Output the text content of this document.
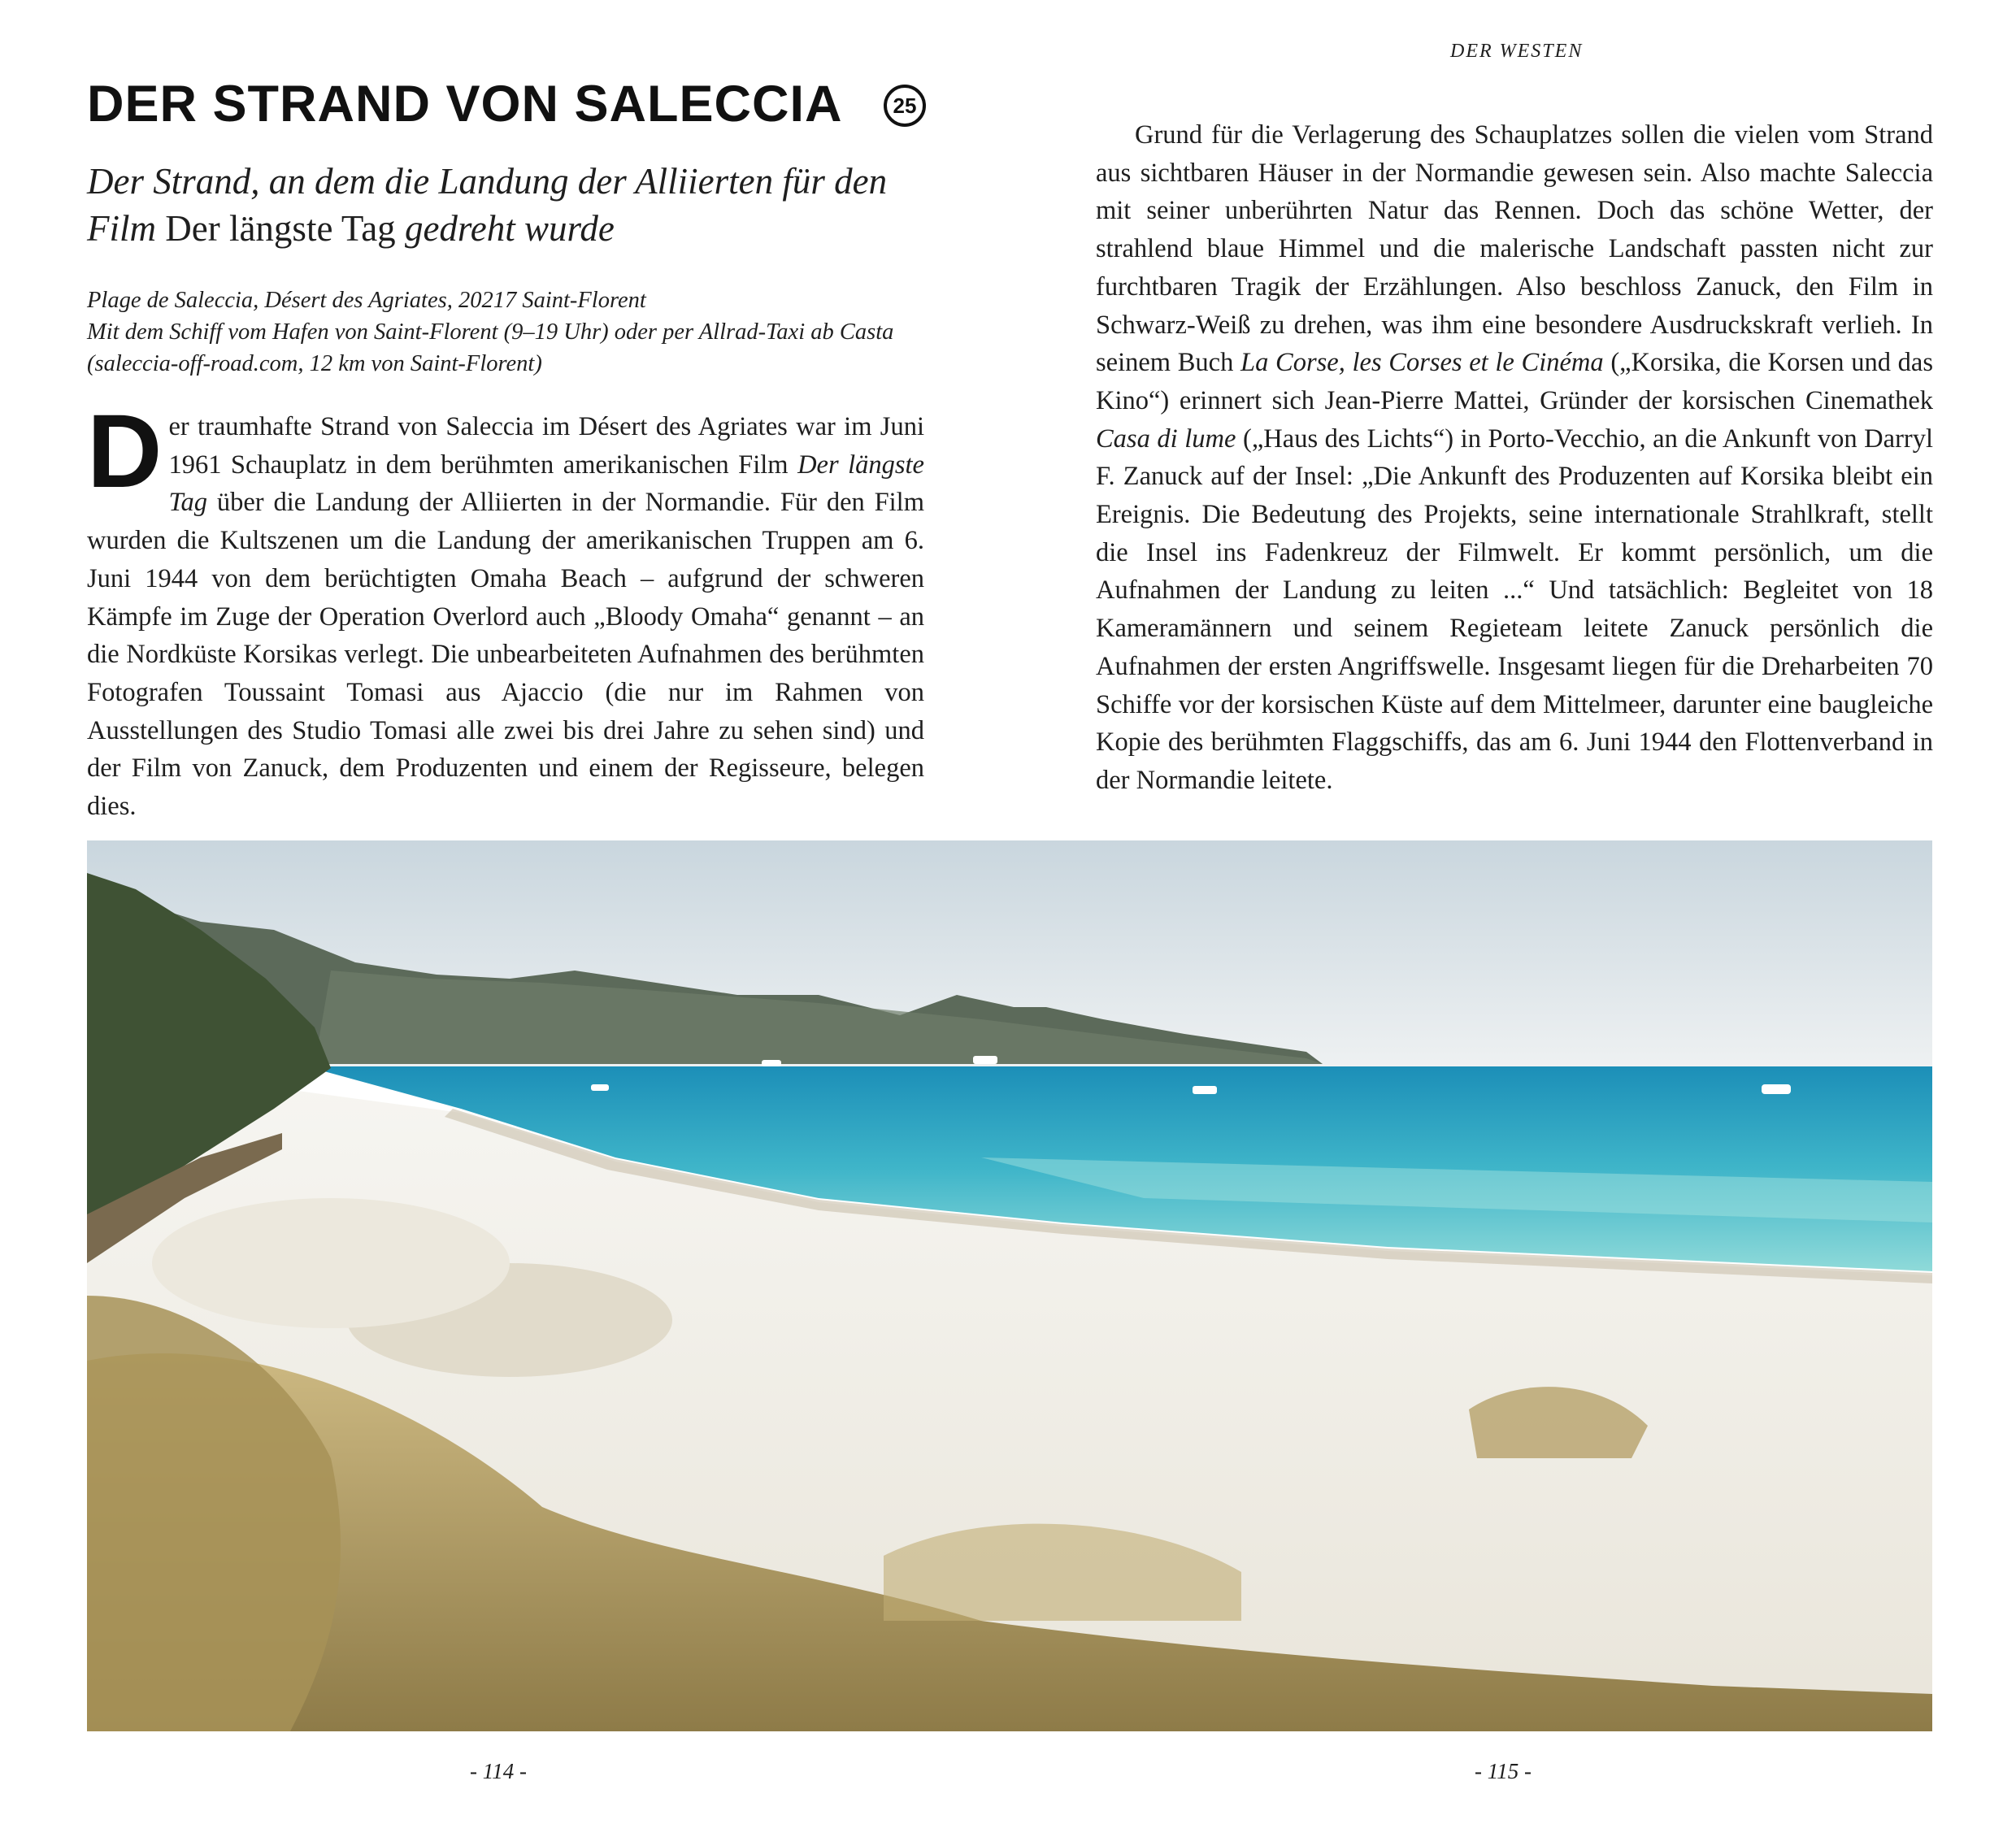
DER WESTEN
DER STRAND VON SALECCIA	25
Der Strand, an dem die Landung der Alliierten für den Film Der längste Tag gedreht wurde
Plage de Saleccia, Désert des Agriates, 20217 Saint-Florent
Mit dem Schiff vom Hafen von Saint-Florent (9–19 Uhr) oder per Allrad-Taxi ab Casta (saleccia-off-road.com, 12 km von Saint-Florent)

Der traumhafte Strand von Saleccia im Désert des Agriates war im Juni 1961 Schauplatz in dem berühmten amerikanischen Film Der längste Tag über die Landung der Alliierten in der Normandie. Für den Film wurden die Kultszenen um die Landung der amerikanischen Truppen am 6. Juni 1944 von dem berüchtigten Omaha Beach – aufgrund der schweren Kämpfe im Zuge der Operation Overlord auch „Bloody Omaha“ genannt – an die Nordküste Korsikas verlegt. Die unbearbeiteten Aufnahmen des berühmten Fotografen Toussaint Tomasi aus Ajaccio (die nur im Rahmen von Ausstellungen des Studio Tomasi alle zwei bis drei Jahre zu sehen sind) und der Film von Zanuck, dem Produzenten und einem der Regisseure, belegen dies.

Grund für die Verlagerung des Schauplatzes sollen die vielen vom Strand aus sichtbaren Häuser in der Normandie gewesen sein. Also machte Saleccia mit seiner unberührten Natur das Rennen. Doch das schöne Wetter, der strahlend blaue Himmel und die malerische Landschaft passten nicht zur furchtbaren Tragik der Erzählungen. Also beschloss Zanuck, den Film in Schwarz-Weiß zu drehen, was ihm eine besondere Ausdruckskraft verlieh. In seinem Buch La Corse, les Corses et le Cinéma („Korsika, die Korsen und das Kino“) erinnert sich Jean-Pierre Mattei, Gründer der korsischen Cinemathek Casa di lume („Haus des Lichts“) in Porto-Vecchio, an die Ankunft von Darryl F. Zanuck auf der Insel: „Die Ankunft des Produzenten auf Korsika bleibt ein Ereignis. Die Bedeutung des Projekts, seine internationale Strahlkraft, stellt die Insel ins Fadenkreuz der Filmwelt. Er kommt persönlich, um die Aufnahmen der Landung zu leiten ...“ Und tatsächlich: Begleitet von 18 Kameramännern und seinem Regieteam leitete Zanuck persönlich die Aufnahmen der ersten Angriffswelle. Insgesamt liegen für die Dreharbeiten 70 Schiffe vor der korsischen Küste auf dem Mittelmeer, darunter eine baugleiche Kopie des berühmten Flaggschiffs, das am 6. Juni 1944 den Flottenverband in der Normandie leitete.

- 114 -	- 115 -
